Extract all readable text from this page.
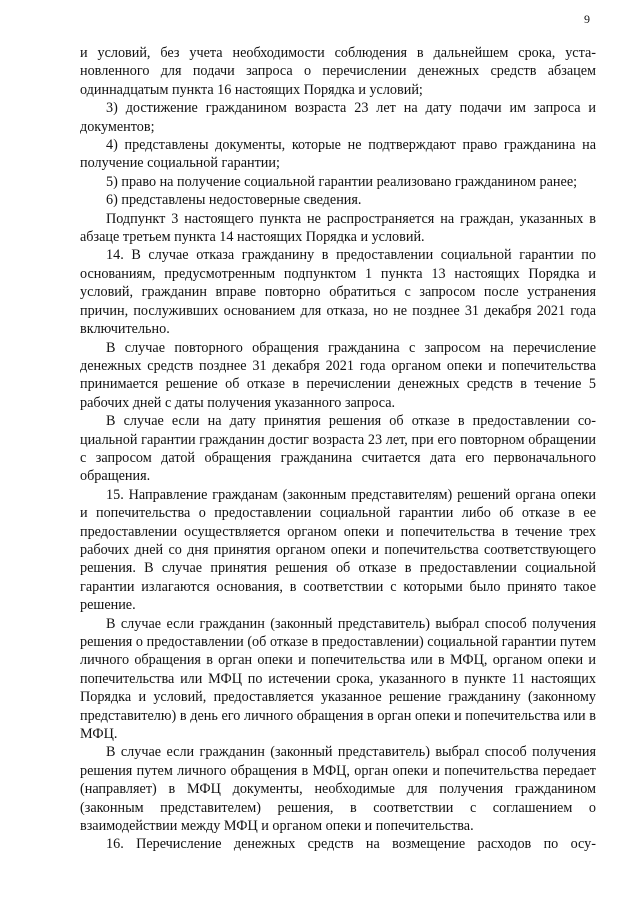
9

и условий, без учета необходимости соблюдения в дальнейшем срока, установленного для подачи запроса о перечислении денежных средств абзацем одиннадцатым пункта 16 настоящих Порядка и условий;

3) достижение гражданином возраста 23 лет на дату подачи им запроса и документов;

4) представлены документы, которые не подтверждают право гражданина на получение социальной гарантии;

5) право на получение социальной гарантии реализовано гражданином ранее;

6) представлены недостоверные сведения.

Подпункт 3 настоящего пункта не распространяется на граждан, указанных в абзаце третьем пункта 14 настоящих Порядка и условий.

14. В случае отказа гражданину в предоставлении социальной гарантии по основаниям, предусмотренным подпунктом 1 пункта 13 настоящих Порядка и условий, гражданин вправе повторно обратиться с запросом после устранения причин, послуживших основанием для отказа, но не позднее 31 декабря 2021 года включительно.

В случае повторного обращения гражданина с запросом на перечисление денежных средств позднее 31 декабря 2021 года органом опеки и попечительства принимается решение об отказе в перечислении денежных средств в течение 5 рабочих дней с даты получения указанного запроса.

В случае если на дату принятия решения об отказе в предоставлении социальной гарантии гражданин достиг возраста 23 лет, при его повторном обращении с запросом датой обращения гражданина считается дата его первоначального обращения.

15. Направление гражданам (законным представителям) решений органа опеки и попечительства о предоставлении социальной гарантии либо об отказе в ее предоставлении осуществляется органом опеки и попечительства в течение трех рабочих дней со дня принятия органом опеки и попечительства соответствующего решения. В случае принятия решения об отказе в предоставлении социальной гарантии излагаются основания, в соответствии с которыми было принято такое решение.

В случае если гражданин (законный представитель) выбрал способ получения решения о предоставлении (об отказе в предоставлении) социальной гарантии путем личного обращения в орган опеки и попечительства или в МФЦ, органом опеки и попечительства или МФЦ по истечении срока, указанного в пункте 11 настоящих Порядка и условий, предоставляется указанное решение гражданину (законному представителю) в день его личного обращения в орган опеки и попечительства или в МФЦ.

В случае если гражданин (законный представитель) выбрал способ получения решения путем личного обращения в МФЦ, орган опеки и попечительства передает (направляет) в МФЦ документы, необходимые для получения гражданином (законным представителем) решения, в соответствии с соглашением о взаимодействии между МФЦ и органом опеки и попечительства.

16. Перечисление денежных средств на возмещение расходов по осу-
